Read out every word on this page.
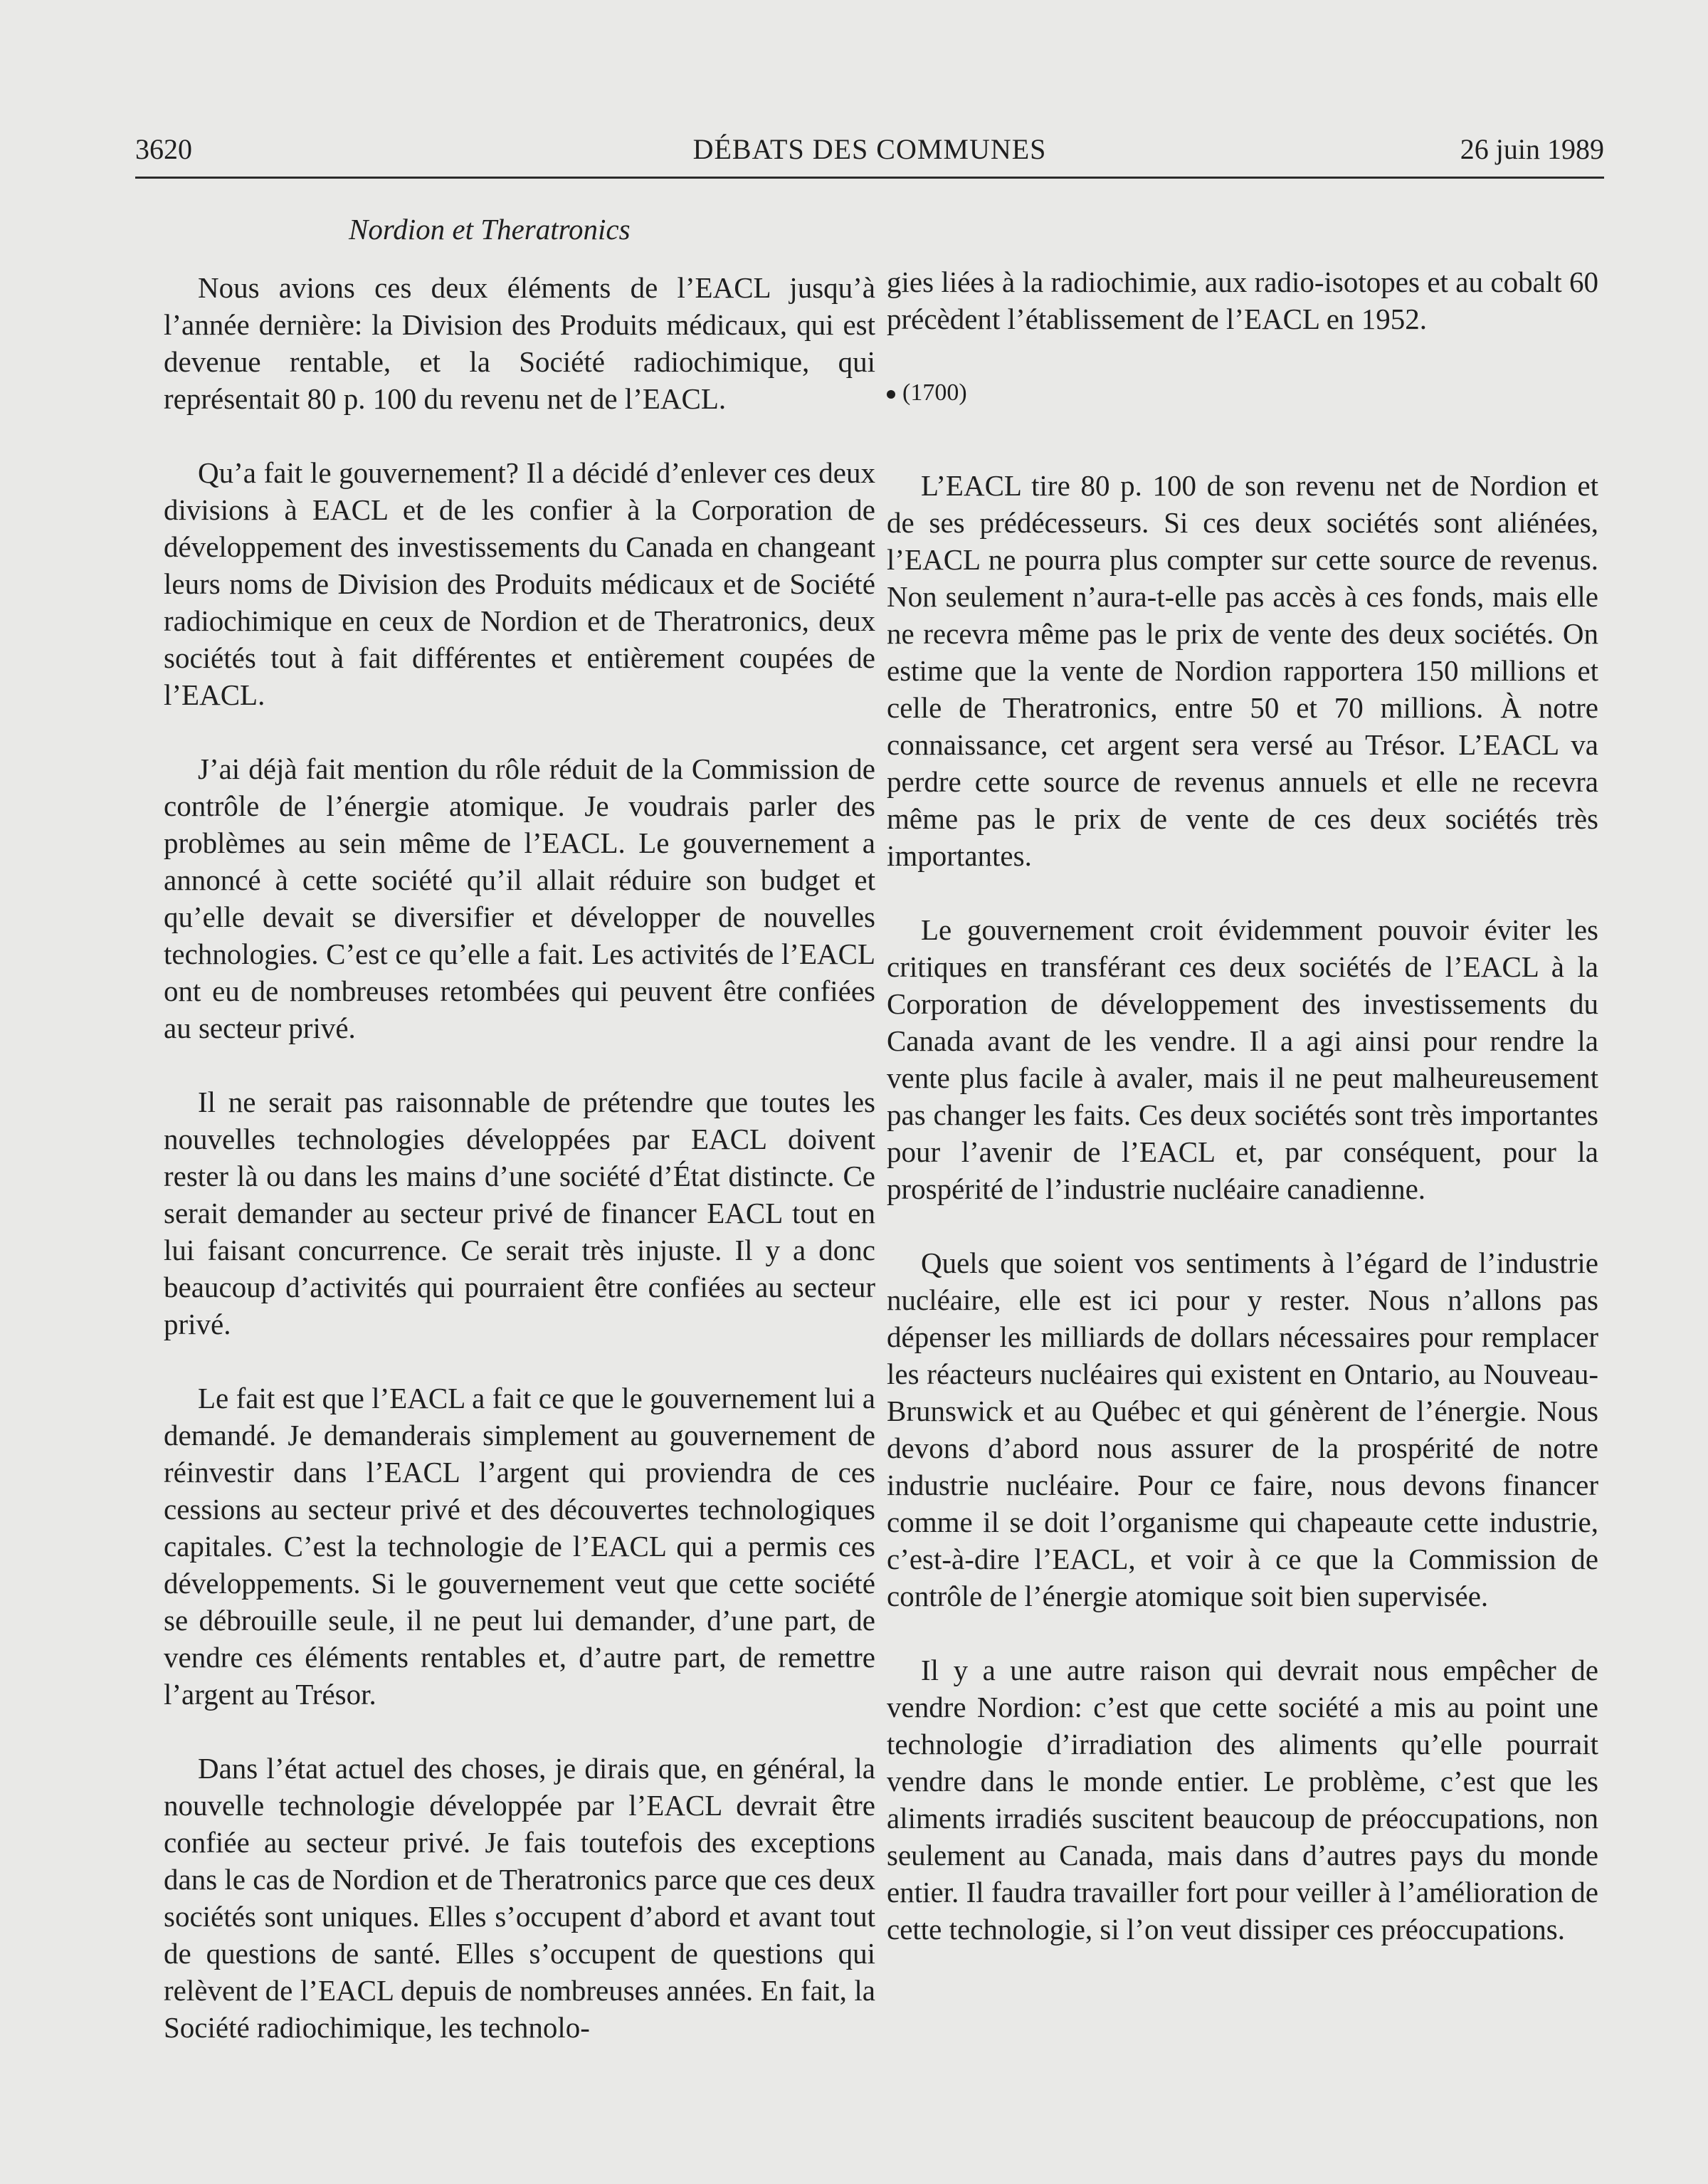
3620	DÉBATS DES COMMUNES	26 juin 1989
Nordion et Theratronics

Nous avions ces deux éléments de l’EACL jusqu’à l’année dernière: la Division des Produits médicaux, qui est devenue rentable, et la Société radiochimique, qui représentait 80 p. 100 du revenu net de l’EACL.

Qu’a fait le gouvernement? Il a décidé d’enlever ces deux divisions à EACL et de les confier à la Corporation de développement des investissements du Canada en changeant leurs noms de Division des Produits médicaux et de Société radiochimique en ceux de Nordion et de Theratronics, deux sociétés tout à fait différentes et entièrement coupées de l’EACL.

J’ai déjà fait mention du rôle réduit de la Commission de contrôle de l’énergie atomique. Je voudrais parler des problèmes au sein même de l’EACL. Le gouvernement a annoncé à cette société qu’il allait réduire son budget et qu’elle devait se diversifier et développer de nouvelles technologies. C’est ce qu’elle a fait. Les activités de l’EACL ont eu de nombreuses retombées qui peuvent être confiées au secteur privé.

Il ne serait pas raisonnable de prétendre que toutes les nouvelles technologies développées par EACL doivent rester là ou dans les mains d’une société d’État distincte. Ce serait demander au secteur privé de financer EACL tout en lui faisant concurrence. Ce serait très injuste. Il y a donc beaucoup d’activités qui pourraient être confiées au secteur privé.

Le fait est que l’EACL a fait ce que le gouvernement lui a demandé. Je demanderais simplement au gouvernement de réinvestir dans l’EACL l’argent qui proviendra de ces cessions au secteur privé et des découvertes technologiques capitales. C’est la technologie de l’EACL qui a permis ces développements. Si le gouvernement veut que cette société se débrouille seule, il ne peut lui demander, d’une part, de vendre ces éléments rentables et, d’autre part, de remettre l’argent au Trésor.

Dans l’état actuel des choses, je dirais que, en général, la nouvelle technologie développée par l’EACL devrait être confiée au secteur privé. Je fais toutefois des exceptions dans le cas de Nordion et de Theratronics parce que ces deux sociétés sont uniques. Elles s’occupent d’abord et avant tout de questions de santé. Elles s’occupent de questions qui relèvent de l’EACL depuis de nombreuses années. En fait, la Société radiochimique, les technolo-

gies liées à la radiochimie, aux radio-isotopes et au cobalt 60 précèdent l’établissement de l’EACL en 1952.

(1700)

L’EACL tire 80 p. 100 de son revenu net de Nordion et de ses prédécesseurs. Si ces deux sociétés sont aliénées, l’EACL ne pourra plus compter sur cette source de revenus. Non seulement n’aura-t-elle pas accès à ces fonds, mais elle ne recevra même pas le prix de vente des deux sociétés. On estime que la vente de Nordion rapportera 150 millions et celle de Theratronics, entre 50 et 70 millions. À notre connaissance, cet argent sera versé au Trésor. L’EACL va perdre cette source de revenus annuels et elle ne recevra même pas le prix de vente de ces deux sociétés très importantes.

Le gouvernement croit évidemment pouvoir éviter les critiques en transférant ces deux sociétés de l’EACL à la Corporation de développement des investissements du Canada avant de les vendre. Il a agi ainsi pour rendre la vente plus facile à avaler, mais il ne peut malheureusement pas changer les faits. Ces deux sociétés sont très importantes pour l’avenir de l’EACL et, par conséquent, pour la prospérité de l’industrie nucléaire canadienne.

Quels que soient vos sentiments à l’égard de l’industrie nucléaire, elle est ici pour y rester. Nous n’allons pas dépenser les milliards de dollars nécessaires pour remplacer les réacteurs nucléaires qui existent en Ontario, au Nouveau-Brunswick et au Québec et qui génèrent de l’énergie. Nous devons d’abord nous assurer de la prospérité de notre industrie nucléaire. Pour ce faire, nous devons financer comme il se doit l’organisme qui chapeaute cette industrie, c’est-à-dire l’EACL, et voir à ce que la Commission de contrôle de l’énergie atomique soit bien supervisée.

Il y a une autre raison qui devrait nous empêcher de vendre Nordion: c’est que cette société a mis au point une technologie d’irradiation des aliments qu’elle pourrait vendre dans le monde entier. Le problème, c’est que les aliments irradiés suscitent beaucoup de préoccupations, non seulement au Canada, mais dans d’autres pays du monde entier. Il faudra travailler fort pour veiller à l’amélioration de cette technologie, si l’on veut dissiper ces préoccupations.
